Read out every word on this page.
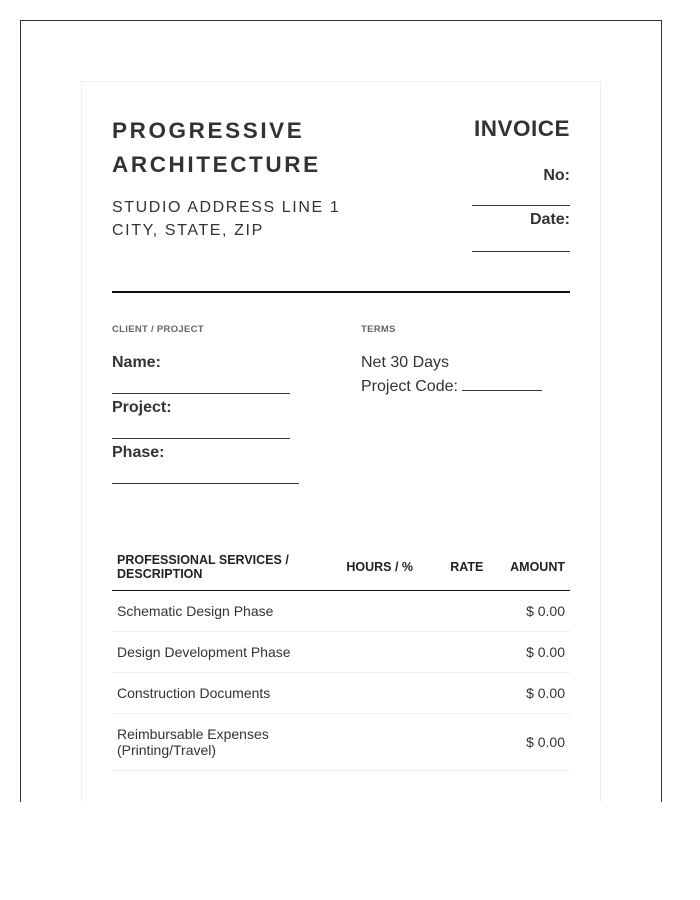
PROGRESSIVE
ARCHITECTURE
STUDIO ADDRESS LINE 1
CITY, STATE, ZIP
INVOICE
No:
Date:
CLIENT / PROJECT	TERMS
Name:
Project:
Phase:
Net 30 Days
Project Code:
PROFESSIONAL SERVICES / DESCRIPTION	HOURS / %	RATE	AMOUNT
Schematic Design Phase			$ 0.00
Design Development Phase			$ 0.00
Construction Documents			$ 0.00
Reimbursable Expenses (Printing/Travel)			$ 0.00
